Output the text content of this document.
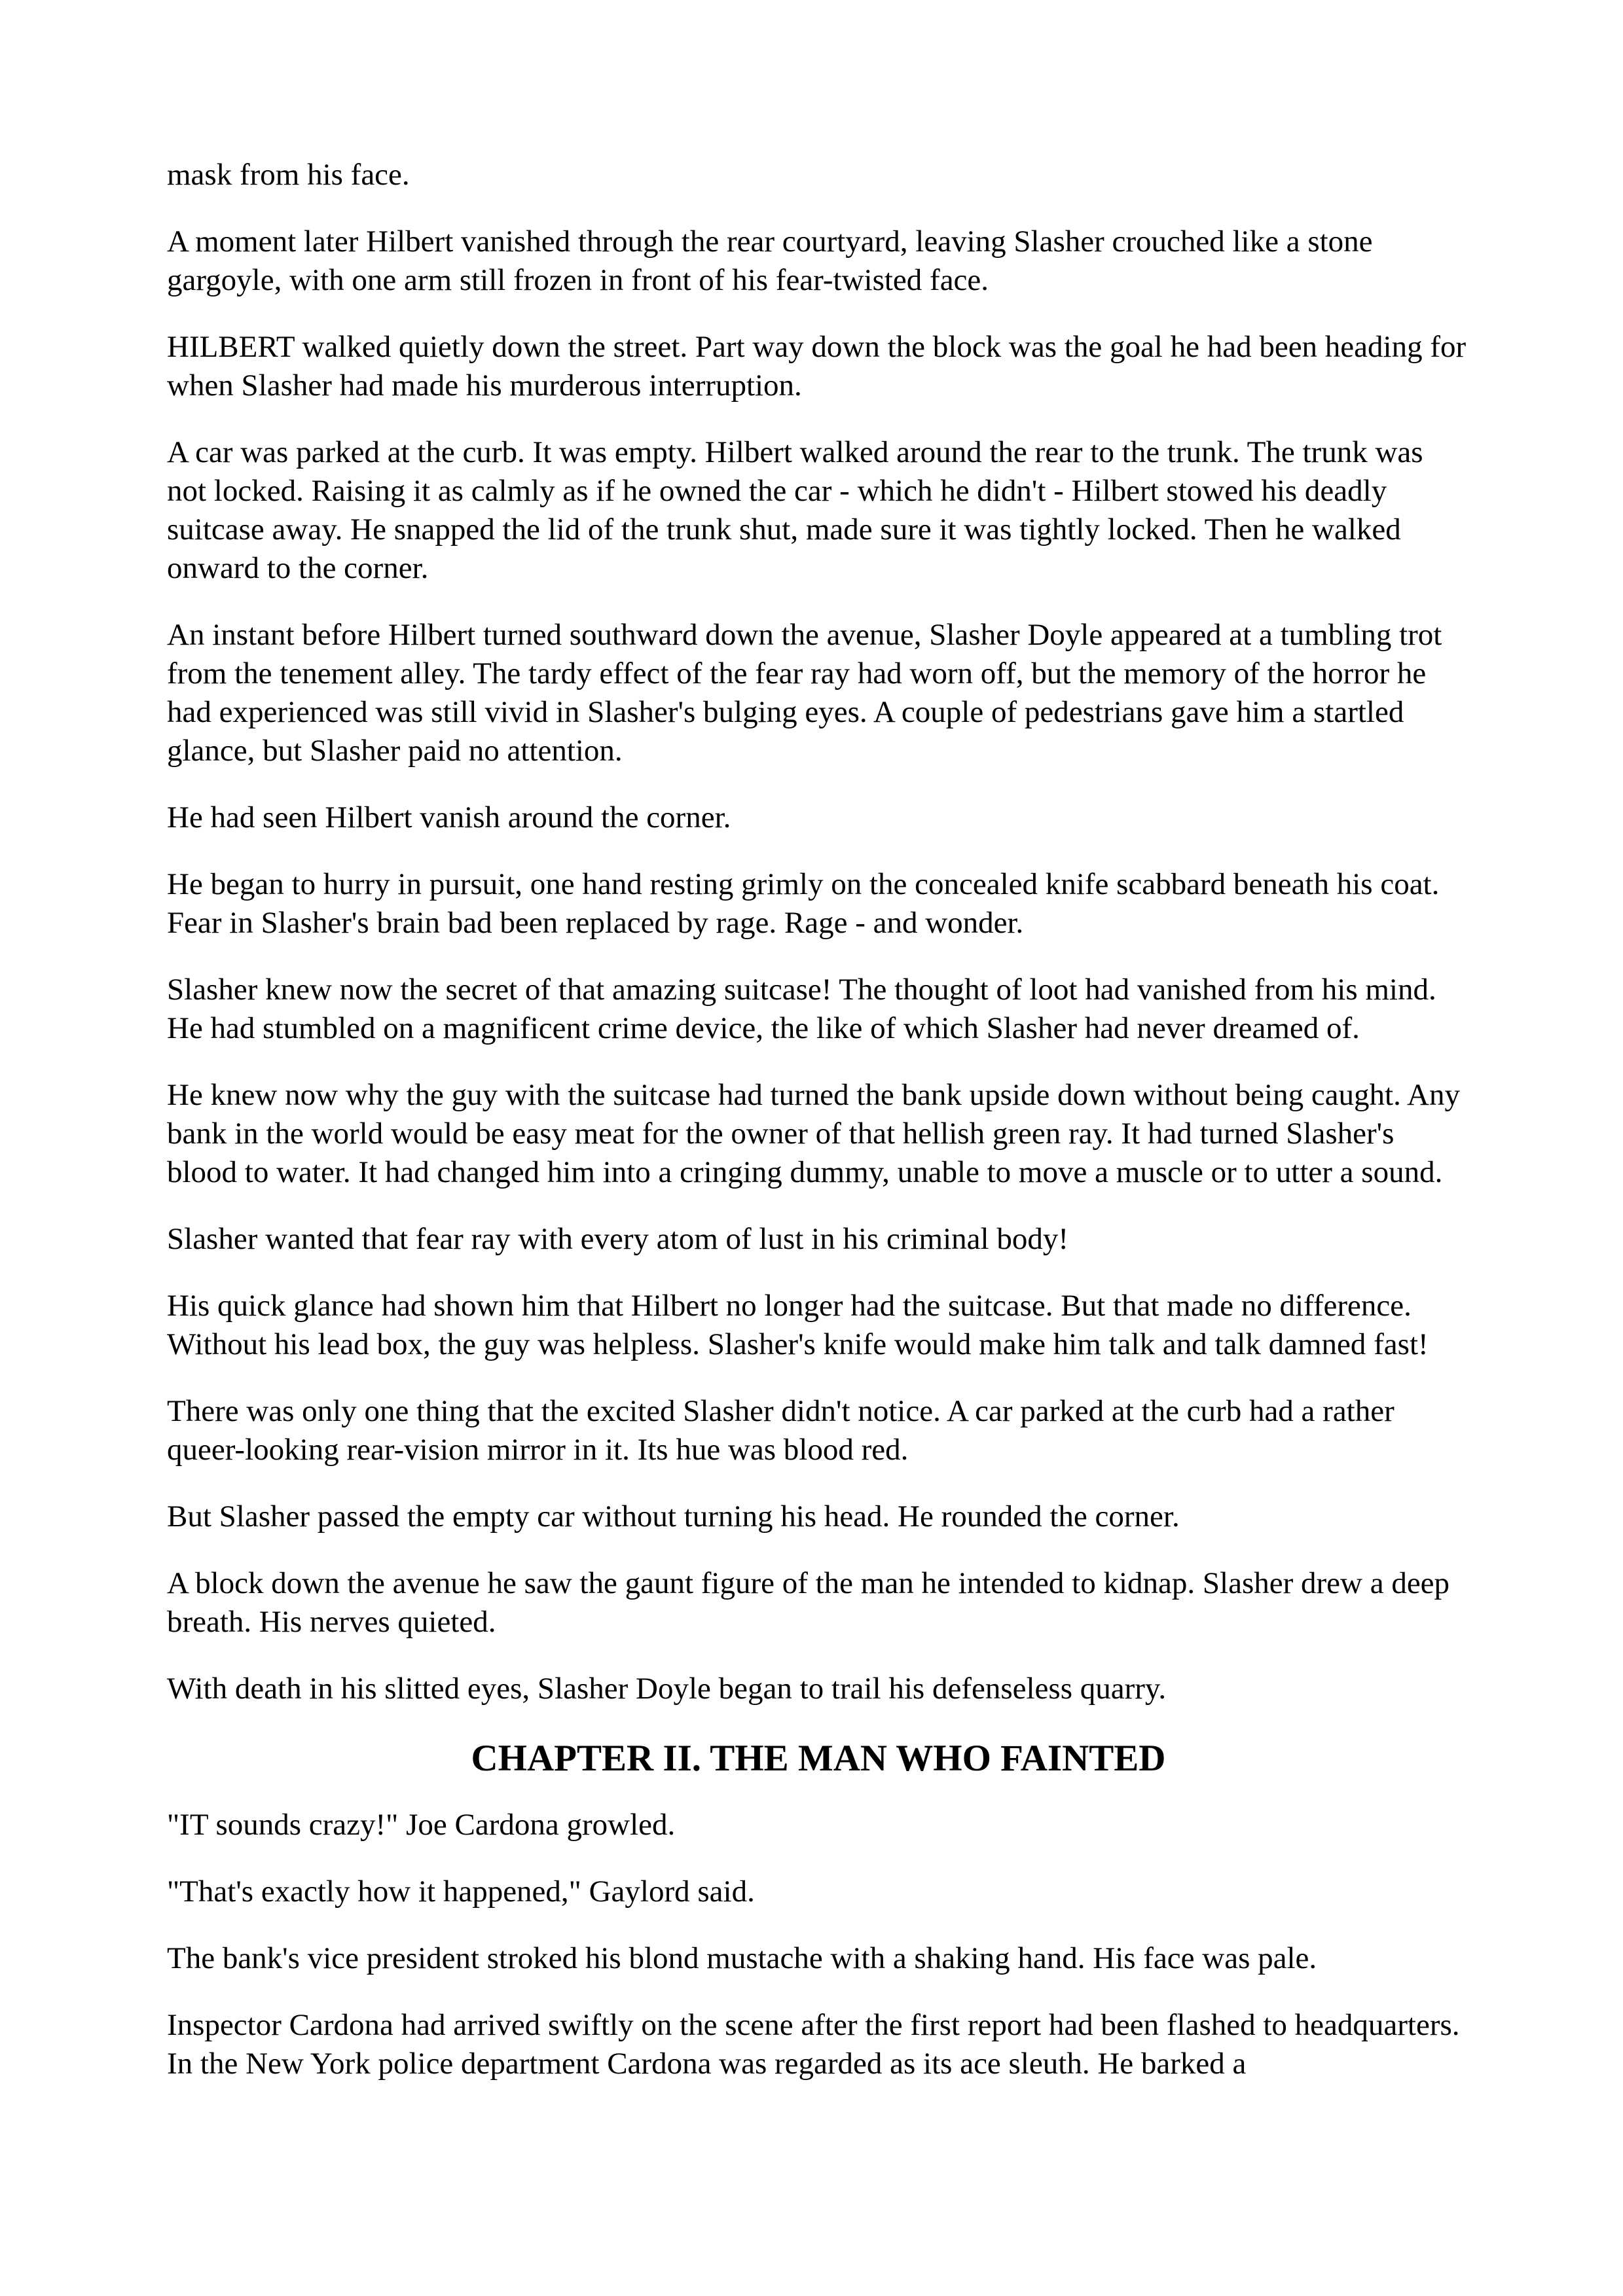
mask from his face.

A moment later Hilbert vanished through the rear courtyard, leaving Slasher crouched like a stone gargoyle, with one arm still frozen in front of his fear-twisted face.

HILBERT walked quietly down the street. Part way down the block was the goal he had been heading for when Slasher had made his murderous interruption.

A car was parked at the curb. It was empty. Hilbert walked around the rear to the trunk. The trunk was not locked. Raising it as calmly as if he owned the car - which he didn't - Hilbert stowed his deadly suitcase away. He snapped the lid of the trunk shut, made sure it was tightly locked. Then he walked onward to the corner.

An instant before Hilbert turned southward down the avenue, Slasher Doyle appeared at a tumbling trot from the tenement alley. The tardy effect of the fear ray had worn off, but the memory of the horror he had experienced was still vivid in Slasher's bulging eyes. A couple of pedestrians gave him a startled glance, but Slasher paid no attention.

He had seen Hilbert vanish around the corner.

He began to hurry in pursuit, one hand resting grimly on the concealed knife scabbard beneath his coat. Fear in Slasher's brain bad been replaced by rage. Rage - and wonder.

Slasher knew now the secret of that amazing suitcase! The thought of loot had vanished from his mind. He had stumbled on a magnificent crime device, the like of which Slasher had never dreamed of.

He knew now why the guy with the suitcase had turned the bank upside down without being caught. Any bank in the world would be easy meat for the owner of that hellish green ray. It had turned Slasher's blood to water. It had changed him into a cringing dummy, unable to move a muscle or to utter a sound.

Slasher wanted that fear ray with every atom of lust in his criminal body!

His quick glance had shown him that Hilbert no longer had the suitcase. But that made no difference. Without his lead box, the guy was helpless. Slasher's knife would make him talk and talk damned fast!

There was only one thing that the excited Slasher didn't notice. A car parked at the curb had a rather queer-looking rear-vision mirror in it. Its hue was blood red.

But Slasher passed the empty car without turning his head. He rounded the corner.

A block down the avenue he saw the gaunt figure of the man he intended to kidnap. Slasher drew a deep breath. His nerves quieted.

With death in his slitted eyes, Slasher Doyle began to trail his defenseless quarry.

CHAPTER II. THE MAN WHO FAINTED

"IT sounds crazy!" Joe Cardona growled.

"That's exactly how it happened," Gaylord said.

The bank's vice president stroked his blond mustache with a shaking hand. His face was pale.

Inspector Cardona had arrived swiftly on the scene after the first report had been flashed to headquarters. In the New York police department Cardona was regarded as its ace sleuth. He barked a
